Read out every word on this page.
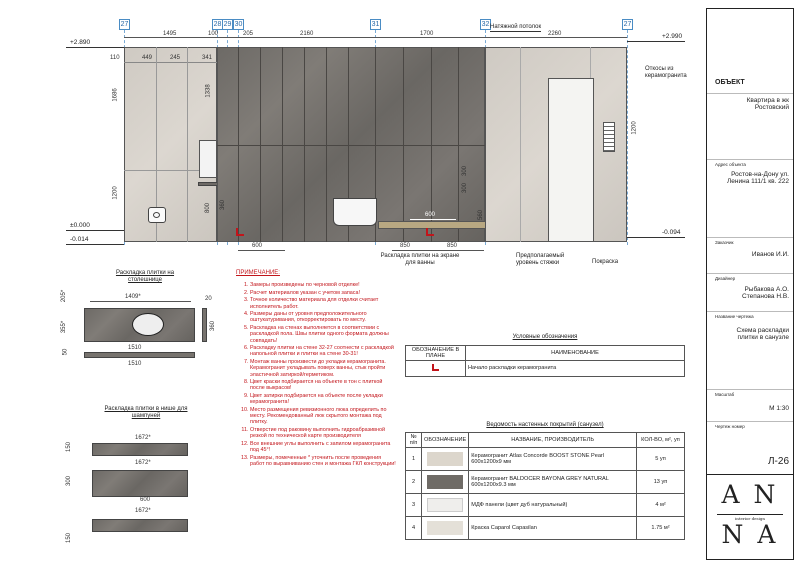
27	28 29 30	31	32	27
1495	100	205	2160	1700	2260
Натяжной потолок
+2.890
+2.990
±0.000
-0.014
-0.094
449	245	341
110
1686	1338
1200
1200
800
300
300
560
360
600	850	850
600
Откосы из керамогранита
Раскладка плитки на экране для ванны
Предполагаемый уровень стяжки	Покраска
Раскладка плитки на столешнице
1409*
1510
1510
205*
355*	360
20
50
Раскладка плитки в нише для шампуней
1672*
1672*
1672*
150
300
600
150
ПРИМЕЧАНИЕ:
1. Замеры произведены по черновой отделке!
2. Расчет материалов указан с учетом запаса!
3. Точное количество материала для отделки считает исполнитель работ.
4. Размеры даны от уровня предположительного оштукатуривания, откорректировать по месту.
5. Раскладка на стенах выполняется в соответствии с раскладкой пола. Швы плитки одного формата должны совпадать!
6. Раскладку плитки на стене 32-27 соотнести с раскладкой напольной плитки и плитки на стене 30-31!
7. Монтаж ванны произвести до укладки керамогранита. Керамогранит укладывать поверх ванны, стык пройти эластичной затиркой/герметиком.
8. Цвет краски подбирается на объекте в тон с плиткой после выкрасов!
9. Цвет затирки подбирается на объекте после укладки керамогранита!
10. Место размещения ревизионного люка определить по месту. Рекомендованный люк скрытого монтажа под плитку.
11. Отверстие под раковину выполнить гидроабразивной резкой по технической карте производителя
12. Все внешние углы выполнить с запилом керамогранита под 45°!
13. Размеры, помеченные * уточнить после проведения работ по выравниванию стен и монтажа ГКЛ конструкции!
Условные обозначения
ОБОЗНАЧЕНИЕ В ПЛАНЕ	НАИМЕНОВАНИЕ
	Начало раскладки керамогранита
Ведомость настенных покрытий (санузел)
№ п/п	ОБОЗНАЧЕНИЕ	НАЗВАНИЕ, ПРОИЗВОДИТЕЛЬ	КОЛ-ВО, м², уп
1		Керамогранит Atlas Concorde BOOST STONE Pearl 600х1200х9 мм	5 уп
2		Керамогранит BALDOCER BAYONA GREY NATURAL 600х1200х9.3 мм	13 уп
3		МДФ панели (цвет дуб натуральный)	4 м²
4		Краска Caparol Capasilan	1.75 м²
ОБЪЕКТ
Квартира в жк Ростовский
Адрес объекта
Ростов-на-Дону ул. Ленина 111/1 кв. 222
Заказчик
Иванов И.И.
Дизайнер
Рыбакова А.О. Степанова Н.В.
Название чертежа
Схема раскладки плитки в санузле
Масштаб
М 1:30
Чертеж номер
Л-26
A N
interior design
N A
